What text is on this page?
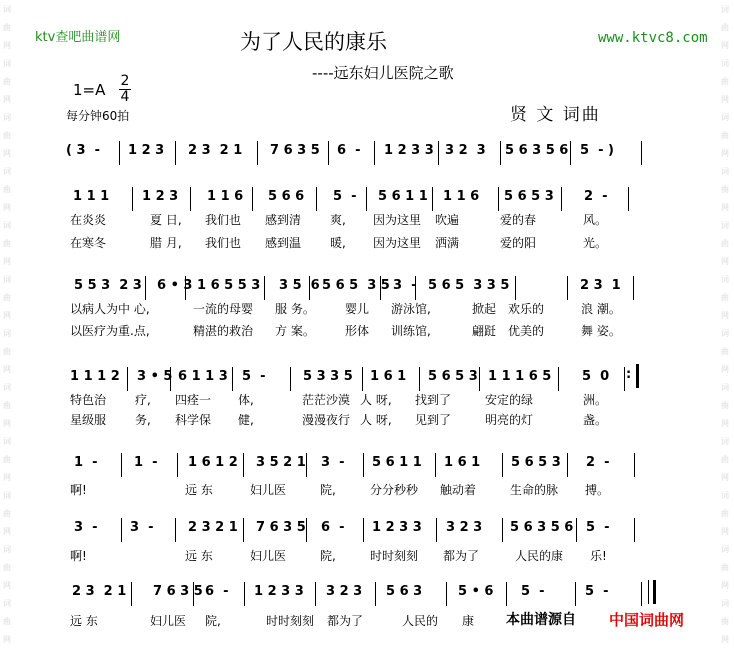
词
曲
网
词
曲
网
词
曲
网
词
曲
网
词
曲
网
词
曲
网
词
曲
网
词
曲
网
词
曲
网
词
曲
网
词
曲
网
词
曲
网
词
曲
网
词
曲
网
词
曲
网
词
曲
网
词
曲
网
词
曲
网
词
曲
网
词
曲
网
词
曲
网
词
曲
网
词
曲
网
词
曲
网
ktv查吧曲谱网	www.ktvc8.com
为了人民的康乐
----远东妇儿医院之歌
$1=A \frac{2}{4}$
每分钟60拍	贤 文 词曲
( 3  - 1 2 3 2 3  2 1 7 6 3 5 6  - 1 2 3 3 3 2  3 5 6 3 5 6 5  - )
1 1 1	1 2 3 1 1 6 5 6 6 5  - 5 6 1 1 1 1 6 5 6 5 3 2  -
在炎炎	夏 日, 我们也 感到清 爽, 因为这里 吹遍	爱的春	风。
在寒冬	腊 月, 我们也 感到温 暖, 因为这里 洒满	爱的阳	光。
5 5 3  2 3 6 • 3 1 6 5 5 3 3 5  6 5 6 5  3 5 3  - 5 6 5  3 3 5	2 3  1
以病人为中 心,	一流的母婴 服 务。	婴儿 游泳馆,	掀起 欢乐的	浪 潮。
以医疗为重.点,	精湛的救治 方 案。	形体 训练馆,	翩跹 优美的	舞 姿。
1 1 1 2 3 • 5 6 1 1 3 5  -	5 3 3 5 1 6 1 5 6 5 3 1 1 1 6 5 5  0
特色治 疗, 四痊一 体,	茫茫沙漠 人 呀, 找到了	安定的绿	洲。
星级服 务, 科学保 健,	漫漫夜行 人 呀, 见到了	明亮的灯	盏。
1  -	1  - 1 6 1 2 3 5 2 1 3  - 5 6 1 1 1 6 1 5 6 5 3 2  -
啊!	远 东	妇儿医	院,	分分秒秒 触动着	生命的脉 搏。
3  -	3  -	2 3 2 1 7 6 3 5 6  - 1 2 3 3 3 2 3 5 6 3 5 6 5  -
啊!	远 东	妇儿医	院,	时时刻刻 都为了	人民的康 乐!
2 3  2 1 7 6 3 5 6  - 1 2 3 3 3 2 3 5 6 3	5 • 6 5  -	5  -
远 东	妇儿医 院,	时时刻刻 都为了	人民的 康
:
本曲谱源自 中国词曲网
